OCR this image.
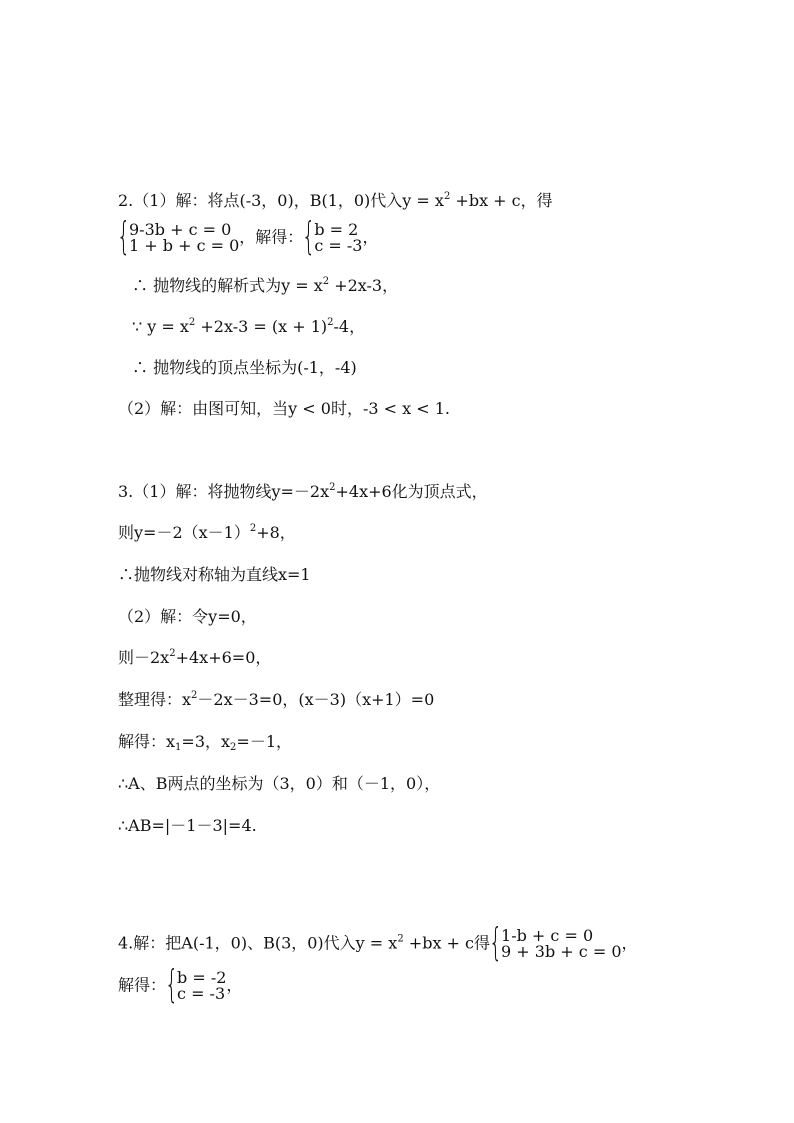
2.（1）解：将点(-3，0)，B(1，0)代入$y = x^2 +bx + c$，得
{ 9-3b + c = 0
1 + b + c = 0 ，解得： { b = 2
c = -3 ，
∴ 抛物线的解析式为$y = x^2 +2x-3$，
∵ $y = x^2 +2x-3 = (x + 1)^2-4$，
∴ 抛物线的顶点坐标为(-1，-4)
（2）解：由图可知，当y < 0时，-3 < x < 1.
3.（1）解：将抛物线$y=-2x^2+4x+6$化为顶点式，
则$y=-2(x-1)^2+8$，
∴抛物线对称轴为直线x=1
（2）解：令y=0，
则$-2x^2+4x+6=0$，
整理得：$x^2-2x-3=0$，(x－3)（x+1）=0
解得：$x_1=3$，$x_2=-1$，
∴A、B两点的坐标为（3，0）和（－1，0），
∴AB=|－1－3|=4.
4.解：把A(-1，0)、B(3，0)代入$y = x^2 +bx + c$得 { 1-b + c = 0
9 + 3b + c = 0 ，
解得： { b = -2
c = -3 ，
